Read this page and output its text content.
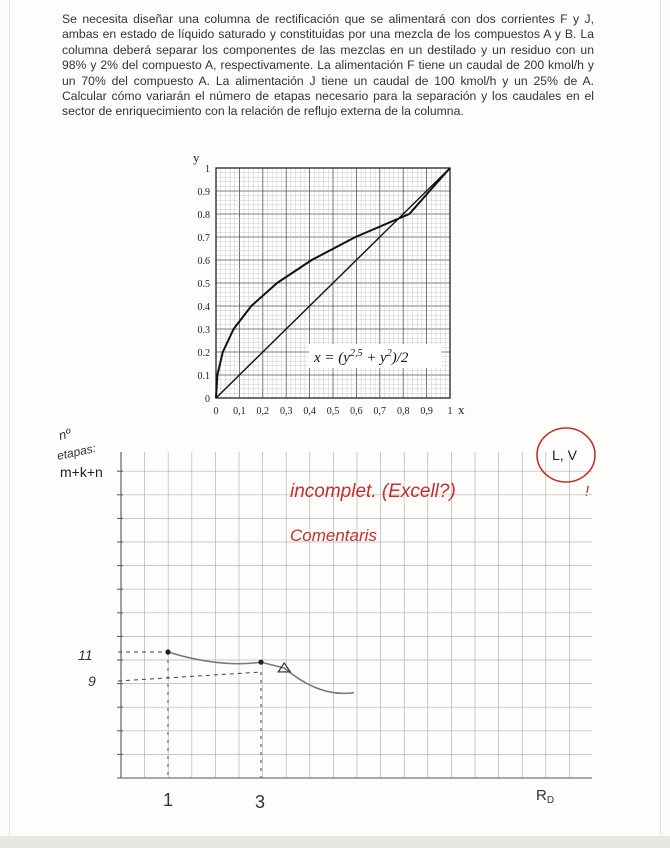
Se necesita diseñar una columna de rectificación que se alimentará con dos corrientes F y J, ambas en estado de líquido saturado y constituidas por una mezcla de los compuestos A y B. La columna deberá separar los componentes de las mezclas en un destilado y un residuo con un 98% y 2% del compuesto A, respectivamente. La alimentación F tiene un caudal de 200 kmol/h y un 70% del compuesto A. La alimentación J tiene un caudal de 100 kmol/h y un 25% de A. Calcular cómo variarán el número de etapas necesario para la separación y los caudales en el sector de enriquecimiento con la relación de reflujo externa de la columna.
0
0.1
0.2
0.3
0.4
0.5
0.6
0.7
0.8
0.9
1
0 0,1 0,2 0,3 0,4 0,5 0,6 0,7 0,8 0,9 1
y
x
$x = (y^{2,5} + y^2)/2$
nº
etapas:
m+k+n
$R_D$
11
9
1	3
incomplet. (Excell?)
Comentaris
L, V
!
